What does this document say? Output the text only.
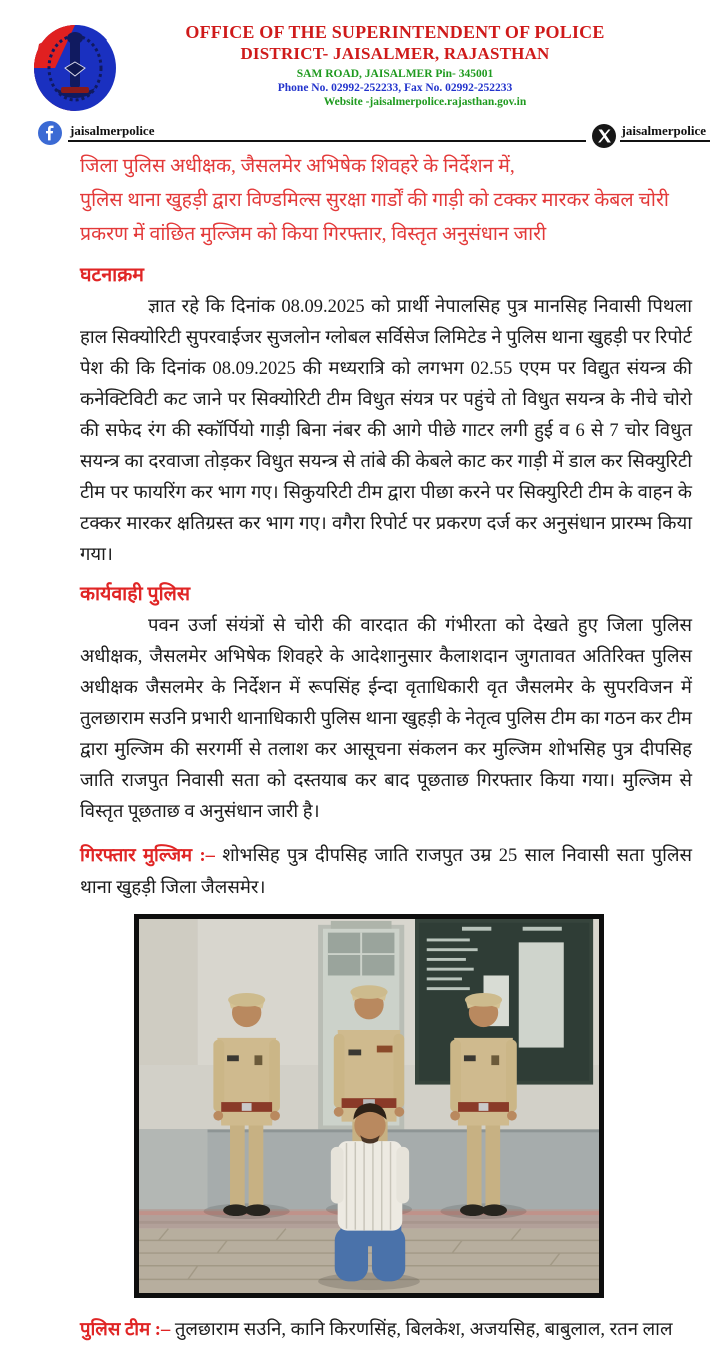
OFFICE OF THE SUPERINTENDENT OF POLICE
DISTRICT- JAISALMER, RAJASTHAN
SAM ROAD, JAISALMER Pin- 345001
Phone No. 02992-252233, Fax No. 02992-252233
Website -jaisalmerpolice.rajasthan.gov.in
jaisalmerpolice	jaisalmerpolice

जिला पुलिस अधीक्षक, जैसलमेर अभिषेक शिवहरे के निर्देशन में,

पुलिस थाना खुहड़ी द्वारा विण्डमिल्स सुरक्षा गार्डों की गाड़ी को टक्कर मारकर केबल चोरी प्रकरण में वांछित मुल्जिम को किया गिरफ्तार, विस्तृत अनुसंधान जारी

घटनाक्रम

ज्ञात रहे कि दिनांक 08.09.2025 को प्रार्थी नेपालसिह पुत्र मानसिह निवासी पिथला हाल सिक्योरिटी सुपरवाईजर सुजलोन ग्लोबल सर्विसेज लिमिटेड ने पुलिस थाना खुहड़ी पर रिपोर्ट पेश की कि दिनांक 08.09.2025 की मध्यरात्रि को लगभग 02.55 एएम पर विद्युत संयन्त्र की कनेक्टिविटी कट जाने पर सिक्योरिटी टीम विधुत संयत्र पर पहुंचे तो विधुत सयन्त्र के नीचे चोरो की सफेद रंग की स्कॉर्पियो गाड़ी बिना नंबर की आगे पीछे गाटर लगी हुई व 6 से 7 चोर विधुत सयन्त्र का दरवाजा तोड़कर विधुत सयन्त्र से तांबे की केबले काट कर गाड़ी में डाल कर सिक्युरिटी टीम पर फायरिंग कर भाग गए। सिकुयरिटी टीम द्वारा पीछा करने पर सिक्युरिटी टीम के वाहन के टक्कर मारकर क्षतिग्रस्त कर भाग गए। वगैरा रिपोर्ट पर प्रकरण दर्ज कर अनुसंधान प्रारम्भ किया गया।

कार्यवाही पुलिस

पवन उर्जा संयंत्रों से चोरी की वारदात की गंभीरता को देखते हुए जिला पुलिस अधीक्षक, जैसलमेर अभिषेक शिवहरे के आदेशानुसार कैलाशदान जुगतावत अतिरिक्त पुलिस अधीक्षक जैसलमेर के निर्देशन में रूपसिंह ईन्दा वृताधिकारी वृत जैसलमेर के सुपरविजन में तुलछाराम सउनि प्रभारी थानाधिकारी पुलिस थाना खुहड़ी के नेतृत्व पुलिस टीम का गठन कर टीम द्वारा मुल्जिम की सरगर्मी से तलाश कर आसूचना संकलन कर मुल्जिम शोभसिह पुत्र दीपसिह जाति राजपुत निवासी सता को दस्तयाब कर बाद पूछताछ गिरफ्तार किया गया। मुल्जिम से विस्तृत पूछताछ व अनुसंधान जारी है।

गिरफ्तार मुल्जिम :– शोभसिह पुत्र दीपसिह जाति राजपुत उम्र 25 साल निवासी सता पुलिस थाना खुहड़ी जिला जैलसमेर।

पुलिस टीम :– तुलछाराम सउनि, कानि किरणसिंह, बिलकेश, अजयसिह, बाबुलाल, रतन लाल
